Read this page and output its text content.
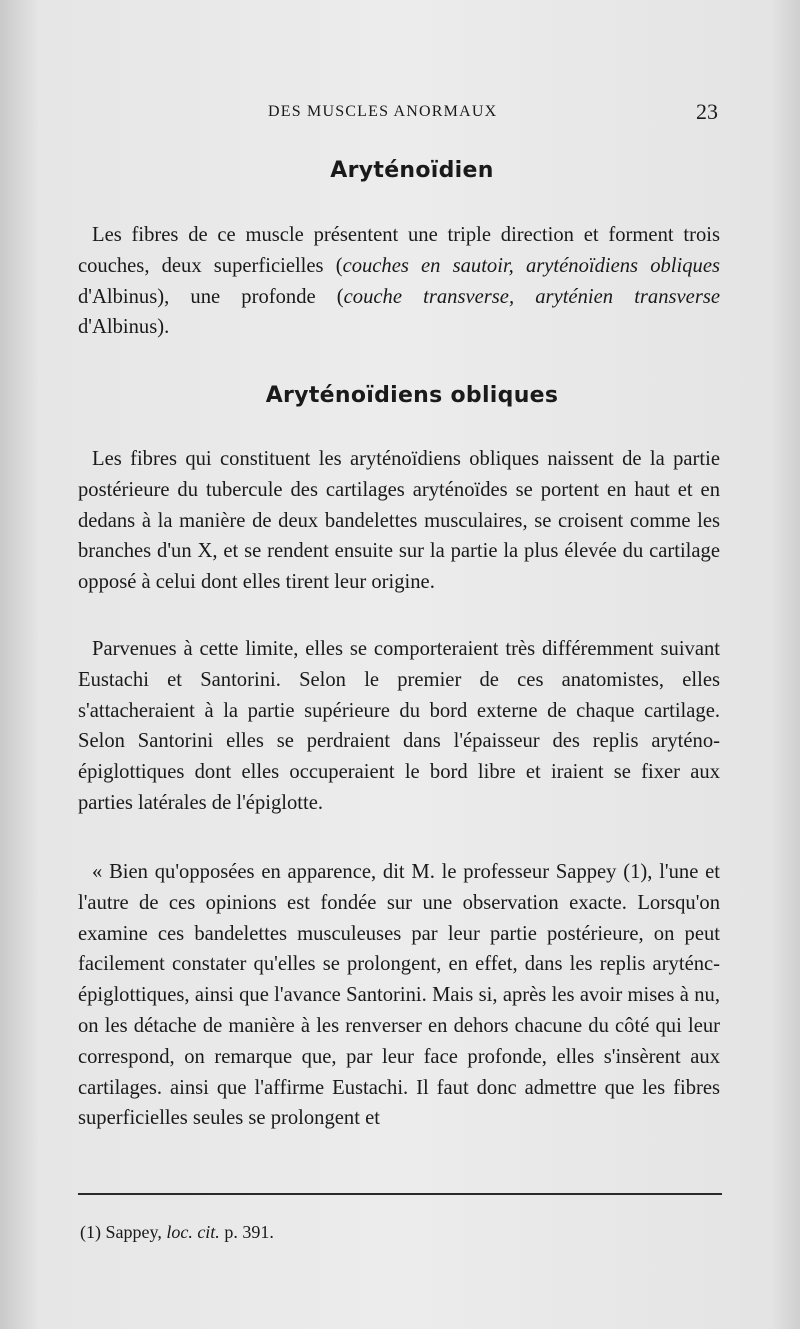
DES MUSCLES ANORMAUX	23
Aryténoïdien

Les fibres de ce muscle présentent une triple direction et forment trois couches, deux superficielles (couches en sautoir, aryténoïdiens obliques d'Albinus), une profonde (couche transverse, aryténien transverse d'Albinus).

Aryténoïdiens obliques

Les fibres qui constituent les aryténoïdiens obliques naissent de la partie postérieure du tubercule des cartilages aryténoïdes se portent en haut et en dedans à la manière de deux bandelettes musculaires, se croisent comme les branches d'un X, et se rendent ensuite sur la partie la plus élevée du cartilage opposé à celui dont elles tirent leur origine.

Parvenues à cette limite, elles se comporteraient très différemment suivant Eustachi et Santorini. Selon le premier de ces anatomistes, elles s'attacheraient à la partie supérieure du bord externe de chaque cartilage. Selon Santorini elles se perdraient dans l'épaisseur des replis aryténo-épiglottiques dont elles occuperaient le bord libre et iraient se fixer aux parties latérales de l'épiglotte.

« Bien qu'opposées en apparence, dit M. le professeur Sappey (1), l'une et l'autre de ces opinions est fondée sur une observation exacte. Lorsqu'on examine ces bandelettes musculeuses par leur partie postérieure, on peut facilement constater qu'elles se prolongent, en effet, dans les replis aryténc-épiglottiques, ainsi que l'avance Santorini. Mais si, après les avoir mises à nu, on les détache de manière à les renverser en dehors chacune du côté qui leur correspond, on remarque que, par leur face profonde, elles s'insèrent aux cartilages. ainsi que l'affirme Eustachi. Il faut donc admettre que les fibres superficielles seules se prolongent et

(1) Sappey, loc. cit. p. 391.
